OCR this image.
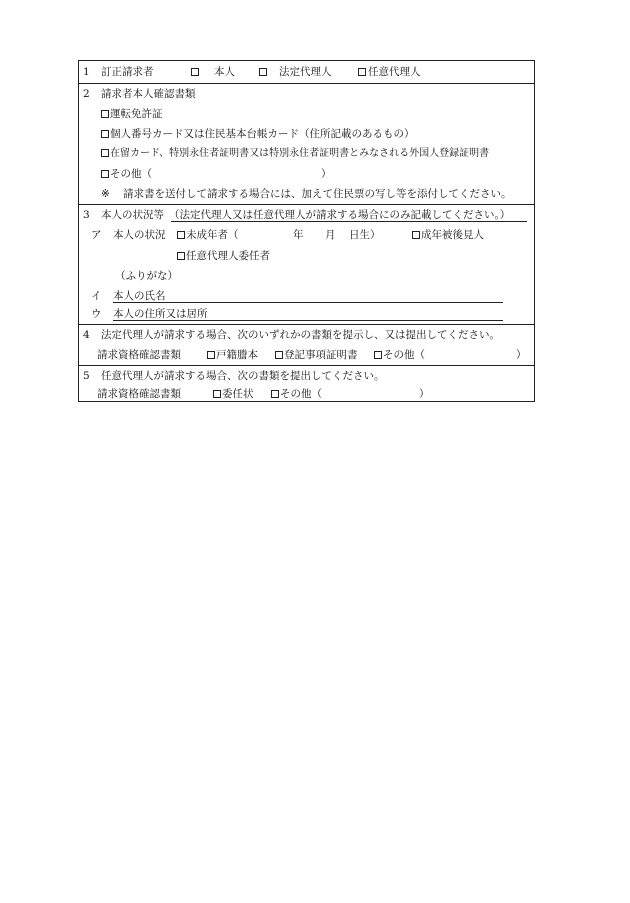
1 訂正請求者	本人	法定代理人	任意代理人
2 請求者本人確認書類
運転免許証
個人番号カード又は住民基本台帳カード（住所記載のあるもの）
在留カード、特別永住者証明書又は特別永住者証明書とみなされる外国人登録証明書
その他（	）
※ 請求書を送付して請求する場合には、加えて住民票の写し等を添付してください。
3 本人の状況等 （法定代理人又は任意代理人が請求する場合にのみ記載してください。）
ア 本人の状況	未成年者（	年 月 日生）	成年被後見人
任意代理人委任者
（ふりがな）
イ 本人の氏名
ウ 本人の住所又は居所
4 法定代理人が請求する場合、次のいずれかの書類を提示し、又は提出してください。
請求資格確認書類	戸籍謄本	登記事項証明書	その他（	）
5 任意代理人が請求する場合、次の書類を提出してください。
請求資格確認書類	委任状	その他（	）
